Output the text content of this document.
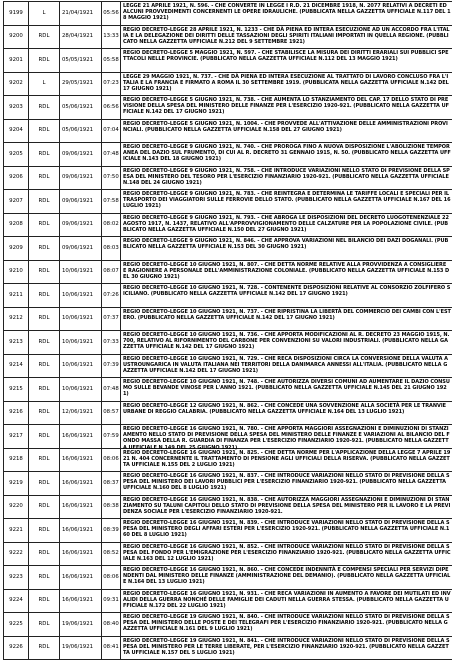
9199	L	21/04/1921	05:56
LEGGE 21 APRILE 1921, N. 596. - CHE CONVERTE IN LEGGE I R.D. 21 DICEMBRE 1918, N. 2077 RELATIVI A DECRETI ED ALCUNI PROVVEDIMENTI CONCERNENTI LE OPERE IDRAULICHE. (PUBBLICATA NELLA GAZZETTA UFFICIALE N.117 DEL 18 MAGGIO 1921)
9200	RDL	28/04/1921	13:33
REGIO DECRETO-LEGGE 28 APRILE 1921, N. 1233 - CHE DÀ PIENA ED INTERA ESECUZIONE AD UN ACCORDO FRA L'ITALIA E LA DELEGAZIONE DEI DIRITTI DELLE TASSAZIONI DEGLI SPIRITI ITALIANI IMPORTATI IN QUELLA REGIONE. (PUBBLICATO NELLA GAZZETTA UFFICIALE N.212 DEL 9 SETTEMBRE 1921)
9201	RDL	05/05/1921	05:58
REGIO DECRETO-LEGGE 5 MAGGIO 1921, N. 597. - CHE STABILISCE LA MISURA DEI DIRITTI ERARIALI SUI PUBBLICI SPETTACOLI NELLE PROVINCIE. (PUBBLICATO NELLA GAZZETTA UFFICIALE N.112 DEL 13 MAGGIO 1921)
9202	L	29/05/1921	07:23
LEGGE 29 MAGGIO 1921, N. 737. - CHE DÀ PIENA ED INTERA ESECUZIONE AL TRATTATO DI LAVORO CONCLUSO FRA L'ITALIA E LA FRANCIA E FIRMATO A ROMA IL 30 SETTEMBRE 1919. (PUBBLICATA NELLA GAZZETTA UFFICIALE N.142 DEL 17 GIUGNO 1921)
9203	RDL	05/06/1921	06:56
REGIO DECRETO-LEGGE 5 GIUGNO 1921, N. 738. - CHE AUMENTA LO STANZIAMENTO DEL CAP. 17 DELLO STATO DI PREVISIONE DELLA SPESA DEL MINISTERO DELLE FINANZE PER L'ESERCIZIO 1920-921. (PUBBLICATO NELLA GAZZETTA UFFICIALE N.142 DEL 17 GIUGNO 1921)
9204	RDL	05/06/1921	07:04
REGIO DECRETO-LEGGE 5 GIUGNO 1921, N. 1004. - CHE PROVVEDE ALL'ATTIVAZIONE DELLE AMMINISTRAZIONI PROVINCIALI. (PUBBLICATO NELLA GAZZETTA UFFICIALE N.158 DEL 27 GIUGNO 1921)
9205	RDL	09/06/1921	07:48
REGIO DECRETO-LEGGE 9 GIUGNO 1921, N. 740. - CHE PROROGA FINO A NUOVA DISPOSIZIONE L'ABOLIZIONE TEMPORANEA DEL DAZIO SUL FRUMENTO, DI CUI AL R. DECRETO 31 GENNAIO 1915, N. 50. (PUBBLICATO NELLA GAZZETTA UFFICIALE N.143 DEL 18 GIUGNO 1921)
9206	RDL	09/06/1921	07:50
REGIO DECRETO-LEGGE 9 GIUGNO 1921, N. 758. - CHE INTRODUCE VARIAZIONI NELLO STATO DI PREVISIONE DELLA SPESA DEL MINISTERO DEL TESORO PER L'ESERCIZIO FINANZIARIO 1920-921. (PUBBLICATO NELLA GAZZETTA UFFICIALE N.148 DEL 24 GIUGNO 1921)
9207	RDL	09/06/1921	07:58
REGIO DECRETO-LEGGE 9 GIUGNO 1921, N. 783. - CHE REINTEGRA E DETERMINA LE TARIFFE LOCALI E SPECIALI PER IL TRASPORTO DEI VIAGGIATORI SULLE FERROVIE DELLO STATO. (PUBBLICATO NELLA GAZZETTA UFFICIALE N.167 DEL 16 LUGLIO 1921)
9208	RDL	09/06/1921	08:02
REGIO DECRETO-LEGGE 9 GIUGNO 1921, N. 793. - CHE ABROGA LE DISPOSIZIONI DEL DECRETO LUOGOTENENZIALE 22 AGOSTO 1917, N. 1437, RELATIVO ALL'APPROVVIGIONAMENTO DELLE CALZATURE PER LA POPOLAZIONE CIVILE. (PUBBLICATO NELLA GAZZETTA UFFICIALE N.150 DEL 27 GIUGNO 1921)
9209	RDL	09/06/1921	08:03
REGIO DECRETO-LEGGE 9 GIUGNO 1921, N. 846. - CHE APPROVA VARIAZIONI NEL BILANCIO DEI DAZI DOGANALI. (PUBBLICATO NELLA GAZZETTA UFFICIALE N.153 DEL 30 GIUGNO 1921)
9210	RDL	10/06/1921	08:07
REGIO DECRETO-LEGGE 10 GIUGNO 1921, N. 807. - CHE DETTA NORME RELATIVE ALLA PROVVIDENZA A CONSIGLIERE E RAGIONIERE A PERSONALE DELL'AMMINISTRAZIONE COLONIALE. (PUBBLICATO NELLA GAZZETTA UFFICIALE N.153 DEL 30 GIUGNO 1921)
9211	RDL	10/06/1921	07:26
REGIO DECRETO-LEGGE 10 GIUGNO 1921, N. 728. - CONTENENTE DISPOSIZIONI RELATIVE AL CONSORZIO ZOLFIFERO SICILIANO. (PUBBLICATO NELLA GAZZETTA UFFICIALE N.142 DEL 17 GIUGNO 1921)
9212	RDL	10/06/1921	07:37
REGIO DECRETO-LEGGE 10 GIUGNO 1921, N. 737. - CHE RIPRISTINA LA LIBERTÀ DEL COMMERCIO DEI CAMBI CON L'ESTERO. (PUBBLICATO NELLA GAZZETTA UFFICIALE N.142 DEL 17 GIUGNO 1921)
9213	RDL	10/06/1921	07:33
REGIO DECRETO-LEGGE 10 GIUGNO 1921, N. 736. - CHE APPORTA MODIFICAZIONI AL R. DECRETO 23 MAGGIO 1915, N. 700, RELATIVO AL RIFORNIMENTO DEL CARBONE PER CONVENZIONI SU VALORI INDUSTRIALI. (PUBBLICATO NELLA GAZZETTA UFFICIALE N.142 DEL 17 GIUGNO 1921)
9214	RDL	10/06/1921	07:39
REGIO DECRETO-LEGGE 10 GIUGNO 1921, N. 729. - CHE RECA DISPOSIZIONI CIRCA LA CONVERSIONE DELLA VALUTA AUSTROUNGARICA IN VALUTA ITALIANA NEI TERRITORI DELLA DANIMARCA ANNESSI ALL'ITALIA. (PUBBLICATO NELLA GAZZETTA UFFICIALE N.142 DEL 17 GIUGNO 1921)
9215	RDL	10/06/1921	07:48
REGIO DECRETO-LEGGE 10 GIUGNO 1921, N. 748. - CHE AUTORIZZA DIVERSI COMUNI AD AUMENTARE IL DAZIO CONSUMO SULLE BEVANDE VINOSE PER L'ANNO 1921. (PUBBLICATO NELLA GAZZETTA UFFICIALE N.145 DEL 21 GIUGNO 1921)
9216	RDL	12/06/1921	08:57
REGIO DECRETO-LEGGE 12 GIUGNO 1921, N. 862. - CHE CONCEDE UNA SOVVENZIONE ALLA SOCIETÀ PER LE TRANVIE URBANE DI REGGIO CALABRIA. (PUBBLICATO NELLA GAZZETTA UFFICIALE N.164 DEL 13 LUGLIO 1921)
9217	RDL	16/06/1921	07:59
REGIO DECRETO-LEGGE 16 GIUGNO 1921, N. 780. - CHE APPORTA MAGGIORI ASSEGNAZIONI E DIMINUZIONI DI STANZIAMENTO NELLO STATO DI PREVISIONE DELLA SPESA DEL MINISTERO DELLE FINANZE E VARIAZIONI AL BILANCIO DEL FONDO MASSA DELLA R. GUARDIA DI FINANZA PER L'ESERCIZIO FINANZIARIO 1920-921. (PUBBLICATO NELLA GAZZETTA UFFICIALE N.149 DEL 25 GIUGNO 1921)
9218	RDL	16/06/1921	08:06
REGIO DECRETO-LEGGE 16 GIUGNO 1921, N. 825. - CHE DETTA NORME PER L'APPLICAZIONE DELLA LEGGE 7 APRILE 1921 N. 404 CONCERNENTE IL TRATTAMENTO DI PENSIONE AGLI UFFICIALI DELLA RISERVA. (PUBBLICATO NELLA GAZZETTA UFFICIALE N.155 DEL 2 LUGLIO 1921)
9219	RDL	16/06/1921	08:37
REGIO DECRETO-LEGGE 16 GIUGNO 1921, N. 837. - CHE INTRODUCE VARIAZIONI NELLO STATO DI PREVISIONE DELLA SPESA DEL MINISTERO DEI LAVORI PUBBLICI PER L'ESERCIZIO FINANZIARIO 1920-921. (PUBBLICATO NELLA GAZZETTA UFFICIALE N.160 DEL 8 LUGLIO 1921)
9220	RDL	16/06/1921	08:38
REGIO DECRETO-LEGGE 16 GIUGNO 1921, N. 838. - CHE AUTORIZZA MAGGIORI ASSEGNAZIONI E DIMINUZIONI DI STANZIAMENTO SU TALUNI CAPITOLI DELLO STATO DI PREVISIONE DELLA SPESA DEL MINISTERO PER IL LAVORO E LA PREVIDENZA SOCIALE PER L'ESERCIZIO FINANZIARIO 1920-921.
9221	RDL	16/06/1921	08:39
REGIO DECRETO-LEGGE 16 GIUGNO 1921, N. 839. - CHE INTRODUCE VARIAZIONI NELLO STATO DI PREVISIONE DELLA SPESA DEL MINISTERO DEGLI AFFARI ESTERI PER L'ESERCIZIO 1920-921. (PUBBLICATO NELLA GAZZETTA UFFICIALE N.160 DEL 8 LUGLIO 1921)
9222	RDL	16/06/1921	08:52
REGIO DECRETO-LEGGE 16 GIUGNO 1921, N. 852. - CHE INTRODUCE VARIAZIONI NELLO STATO DI PREVISIONE DELLA SPESA DEL FONDO PER L'EMIGRAZIONE PER L'ESERCIZIO FINANZIARIO 1920-921. (PUBBLICATO NELLA GAZZETTA UFFICIALE N.163 DEL 12 LUGLIO 1921)
9223	RDL	16/06/1921	08:06
REGIO DECRETO-LEGGE 16 GIUGNO 1921, N. 860. - CHE CONCEDE INDENNITÀ E COMPENSI SPECIALI PER SERVIZI DIPENDENTI DAL MINISTERO DELLE FINANZE (AMMINISTRAZIONE DEL DEMANIO). (PUBBLICATO NELLA GAZZETTA UFFICIALE N.164 DEL 13 LUGLIO 1921)
9224	RDL	16/06/1921	09:31
REGIO DECRETO-LEGGE 16 GIUGNO 1921, N. 931. - CHE RECA VARIAZIONI IN AUMENTO A FAVORE DEI MUTILATI ED INVALIDI DELLA GUERRA NONCHÉ DELLE FAMIGLIE DEI CADUTI NELLA GUERRA STESSA. (PUBBLICATO NELLA GAZZETTA UFFICIALE N.172 DEL 22 LUGLIO 1921)
9225	RDL	19/06/1921	08:40
REGIO DECRETO-LEGGE 19 GIUGNO 1921, N. 840. - CHE INTRODUCE VARIAZIONI NELLO STATO DI PREVISIONE DELLA SPESA DEL MINISTERO DELLE POSTE E DEI TELEGRAFI PER L'ESERCIZIO FINANZIARIO 1920-921. (PUBBLICATO NELLA GAZZETTA UFFICIALE N.161 DEL 9 LUGLIO 1921)
9226	RDL	19/06/1921	08:41
REGIO DECRETO-LEGGE 19 GIUGNO 1921, N. 841. - CHE INTRODUCE VARIAZIONI NELLO STATO DI PREVISIONE DELLA SPESA DEL MINISTERO PER LE TERRE LIBERATE, PER L'ESERCIZIO FINANZIARIO 1920-921. (PUBBLICATO NELLA GAZZETTA UFFICIALE N.157 DEL 5 LUGLIO 1921)
